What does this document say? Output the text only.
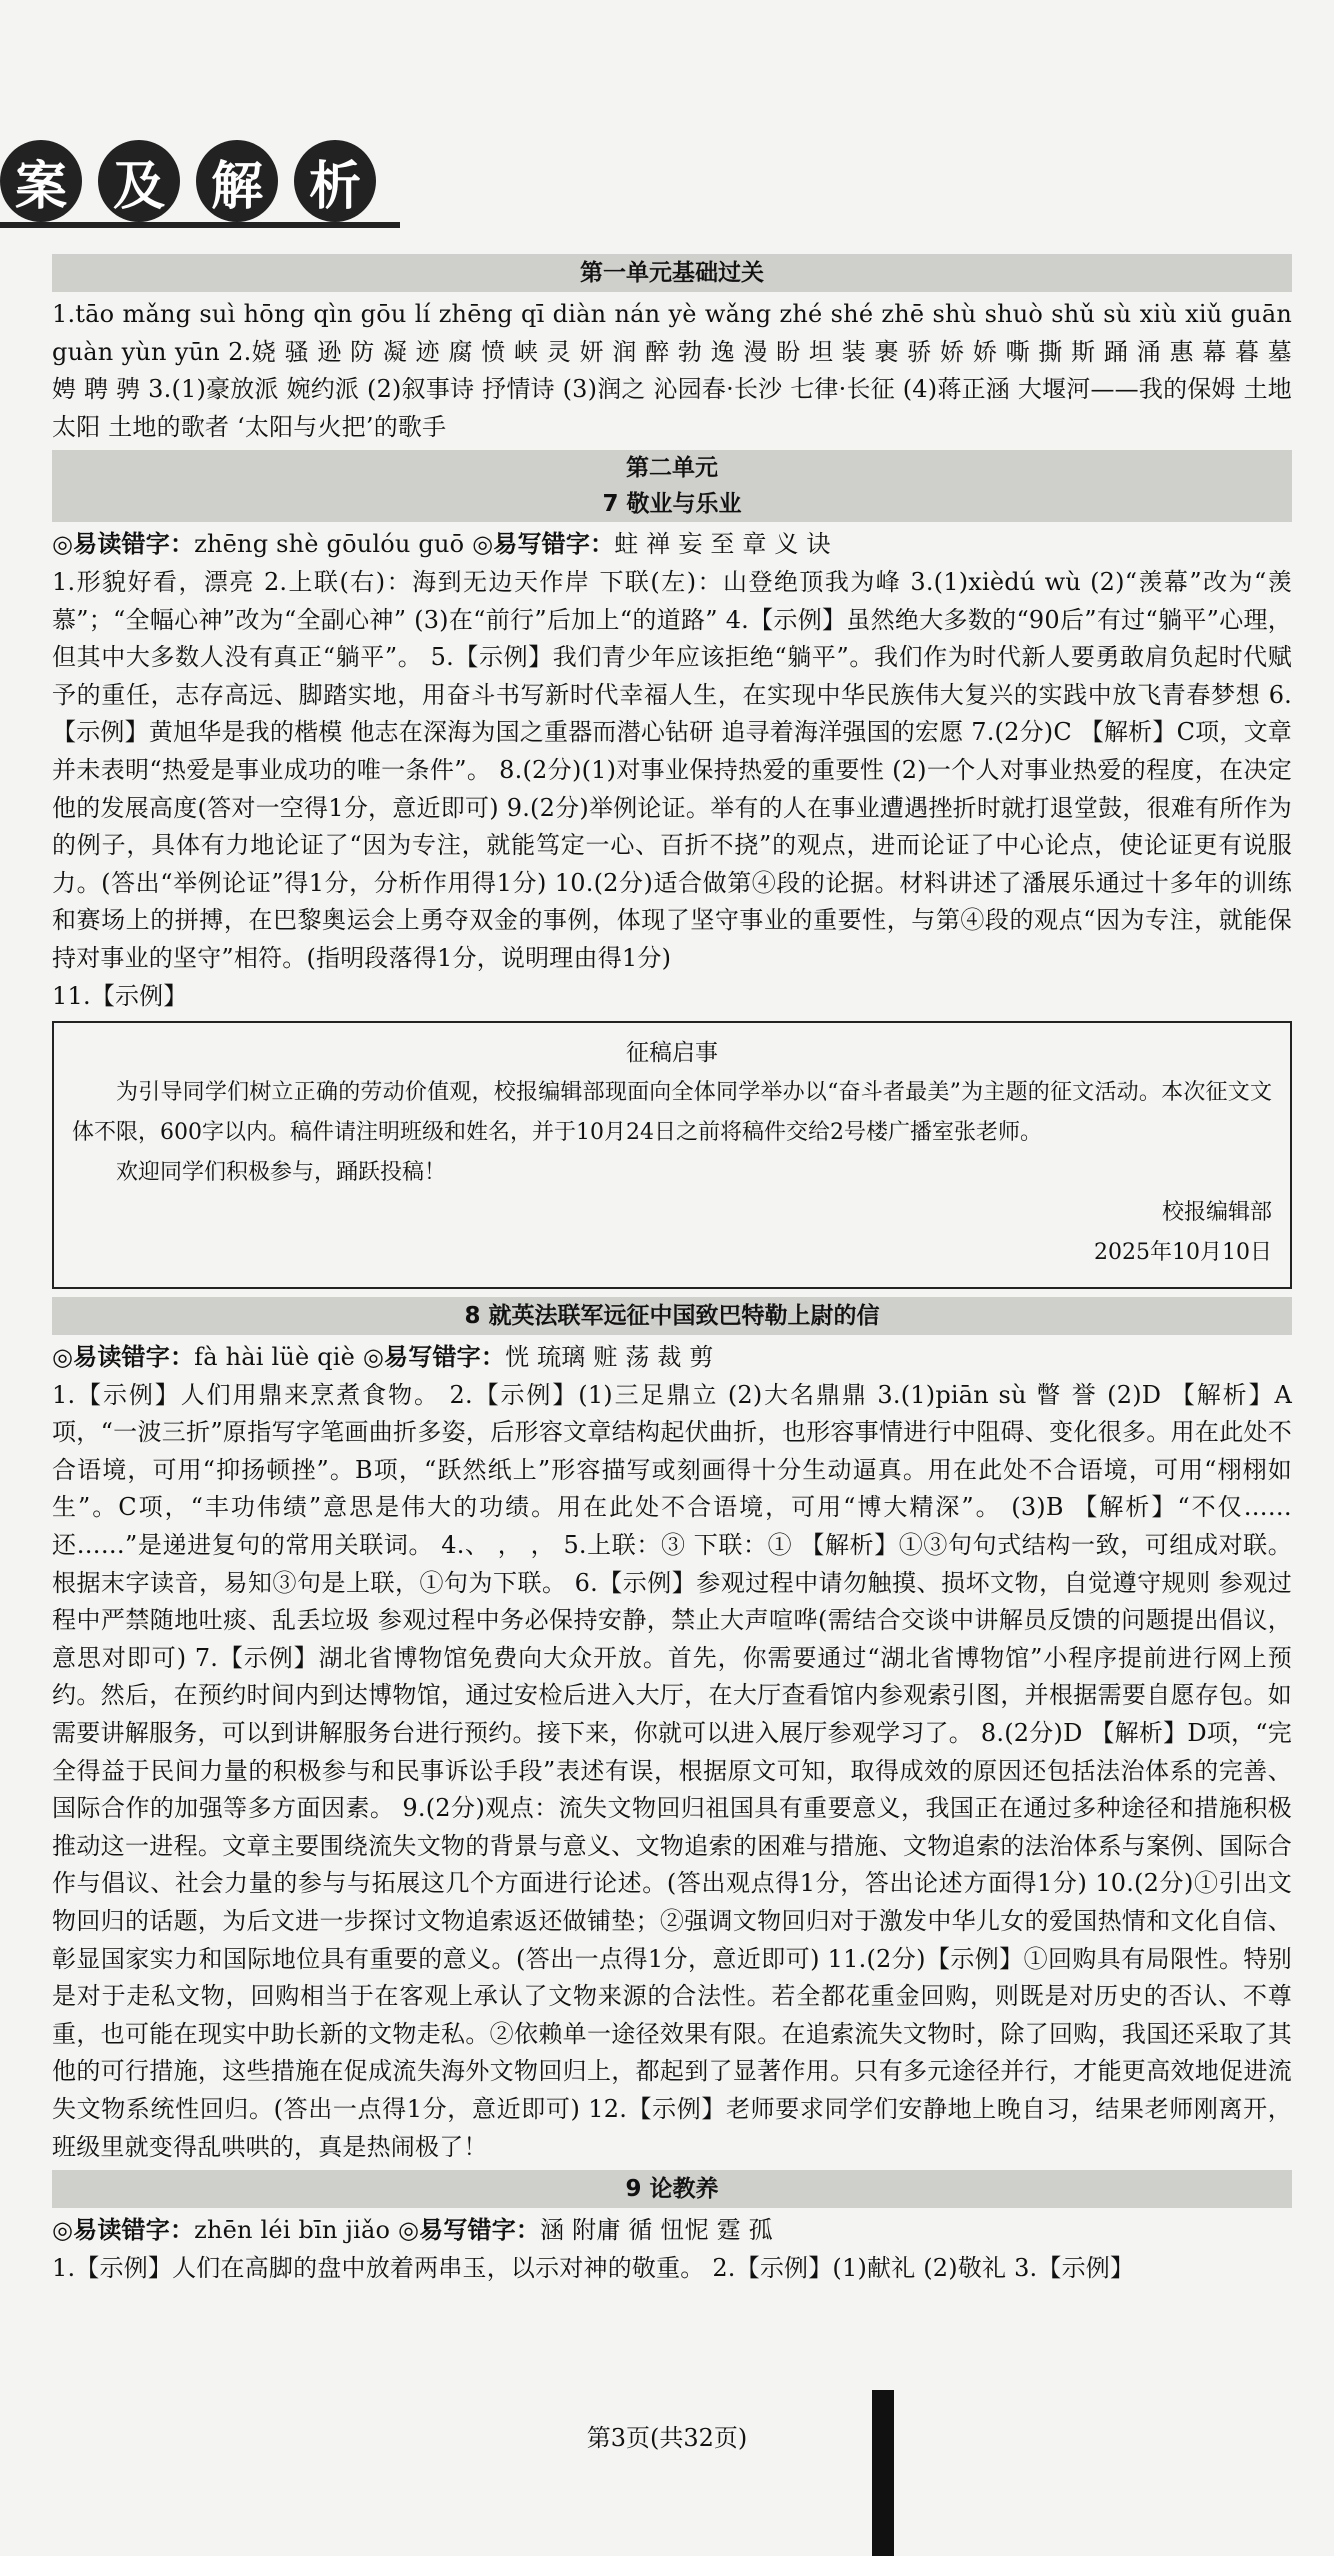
案 及 解 析
第一单元基础过关

1.tāo mǎng suì hōng qìn gōu lí zhēng qī diàn nán yè wǎng zhé shé zhē shù shuò shǔ sù xiù xiǔ guān guàn yùn yūn 2.娆 骚 逊 防 凝 迹 腐 愤 峡 灵 妍 润 醉 勃 逸 漫 盼 坦 装 裹 骄 娇 娇 嘶 撕 斯 踊 涌 惠 幕 暮 墓 娉 聘 骋 3.(1)豪放派 婉约派 (2)叙事诗 抒情诗 (3)润之 沁园春·长沙 七律·长征 (4)蒋正涵 大堰河——我的保姆 土地 太阳 土地的歌者 ‘太阳与火把’的歌手

第二单元
7 敬业与乐业

◎易读错字：zhēng shè gōulóu guō ◎易写错字：蛀 禅 妄 至 章 义 诀

1.形貌好看，漂亮 2.上联(右)：海到无边天作岸 下联(左)：山登绝顶我为峰 3.(1)xièdú wù (2)“羡幕”改为“羡慕”；“全幅心神”改为“全副心神” (3)在“前行”后加上“的道路” 4.【示例】虽然绝大多数的“90后”有过“躺平”心理，但其中大多数人没有真正“躺平”。 5.【示例】我们青少年应该拒绝“躺平”。我们作为时代新人要勇敢肩负起时代赋予的重任，志存高远、脚踏实地，用奋斗书写新时代幸福人生，在实现中华民族伟大复兴的实践中放飞青春梦想 6.【示例】黄旭华是我的楷模 他志在深海为国之重器而潜心钻研 追寻着海洋强国的宏愿 7.(2分)C 【解析】C项，文章并未表明“热爱是事业成功的唯一条件”。 8.(2分)(1)对事业保持热爱的重要性 (2)一个人对事业热爱的程度，在决定他的发展高度(答对一空得1分，意近即可) 9.(2分)举例论证。举有的人在事业遭遇挫折时就打退堂鼓，很难有所作为的例子，具体有力地论证了“因为专注，就能笃定一心、百折不挠”的观点，进而论证了中心论点，使论证更有说服力。(答出“举例论证”得1分，分析作用得1分) 10.(2分)适合做第④段的论据。材料讲述了潘展乐通过十多年的训练和赛场上的拼搏，在巴黎奥运会上勇夺双金的事例，体现了坚守事业的重要性，与第④段的观点“因为专注，就能保持对事业的坚守”相符。(指明段落得1分，说明理由得1分)

11.【示例】

征稿启事

为引导同学们树立正确的劳动价值观，校报编辑部现面向全体同学举办以“奋斗者最美”为主题的征文活动。本次征文文体不限，600字以内。稿件请注明班级和姓名，并于10月24日之前将稿件交给2号楼广播室张老师。

欢迎同学们积极参与，踊跃投稿！

校报编辑部

2025年10月10日

8 就英法联军远征中国致巴特勒上尉的信

◎易读错字：fà hài lüè qiè ◎易写错字：恍 琉璃 赃 荡 裁 剪

1.【示例】人们用鼎来烹煮食物。 2.【示例】(1)三足鼎立 (2)大名鼎鼎 3.(1)piān sù 瞥 誉 (2)D 【解析】A项，“一波三折”原指写字笔画曲折多姿，后形容文章结构起伏曲折，也形容事情进行中阻碍、变化很多。用在此处不合语境，可用“抑扬顿挫”。B项，“跃然纸上”形容描写或刻画得十分生动逼真。用在此处不合语境，可用“栩栩如生”。C项，“丰功伟绩”意思是伟大的功绩。用在此处不合语境，可用“博大精深”。 (3)B 【解析】“不仅……还……”是递进复句的常用关联词。 4.、 ， ， 5.上联：③ 下联：① 【解析】①③句句式结构一致，可组成对联。根据末字读音，易知③句是上联，①句为下联。 6.【示例】参观过程中请勿触摸、损坏文物，自觉遵守规则 参观过程中严禁随地吐痰、乱丢垃圾 参观过程中务必保持安静，禁止大声喧哗(需结合交谈中讲解员反馈的问题提出倡议，意思对即可) 7.【示例】湖北省博物馆免费向大众开放。首先，你需要通过“湖北省博物馆”小程序提前进行网上预约。然后，在预约时间内到达博物馆，通过安检后进入大厅，在大厅查看馆内参观索引图，并根据需要自愿存包。如需要讲解服务，可以到讲解服务台进行预约。接下来，你就可以进入展厅参观学习了。 8.(2分)D 【解析】D项，“完全得益于民间力量的积极参与和民事诉讼手段”表述有误，根据原文可知，取得成效的原因还包括法治体系的完善、国际合作的加强等多方面因素。 9.(2分)观点：流失文物回归祖国具有重要意义，我国正在通过多种途径和措施积极推动这一进程。文章主要围绕流失文物的背景与意义、文物追索的困难与措施、文物追索的法治体系与案例、国际合作与倡议、社会力量的参与与拓展这几个方面进行论述。(答出观点得1分，答出论述方面得1分) 10.(2分)①引出文物回归的话题，为后文进一步探讨文物追索返还做铺垫；②强调文物回归对于激发中华儿女的爱国热情和文化自信、彰显国家实力和国际地位具有重要的意义。(答出一点得1分，意近即可) 11.(2分)【示例】①回购具有局限性。特别是对于走私文物，回购相当于在客观上承认了文物来源的合法性。若全都花重金回购，则既是对历史的否认、不尊重，也可能在现实中助长新的文物走私。②依赖单一途径效果有限。在追索流失文物时，除了回购，我国还采取了其他的可行措施，这些措施在促成流失海外文物回归上，都起到了显著作用。只有多元途径并行，才能更高效地促进流失文物系统性回归。(答出一点得1分，意近即可) 12.【示例】老师要求同学们安静地上晚自习，结果老师刚离开，班级里就变得乱哄哄的，真是热闹极了！

9 论教养

◎易读错字：zhēn léi bīn jiǎo ◎易写错字：涵 附庸 循 忸怩 霆 孤

1.【示例】人们在高脚的盘中放着两串玉，以示对神的敬重。 2.【示例】(1)献礼 (2)敬礼 3.【示例】

第3页(共32页)
